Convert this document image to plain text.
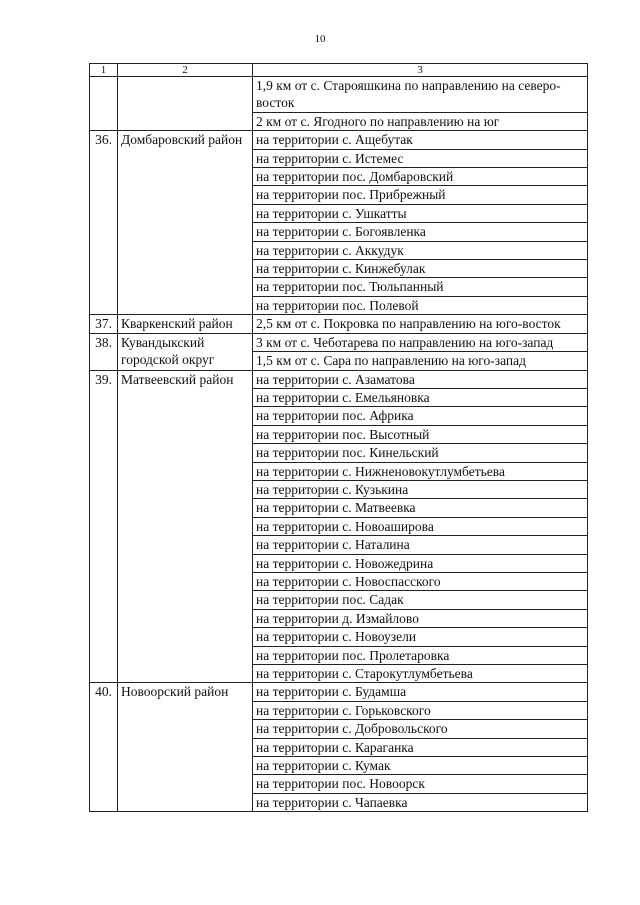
10
1	2	3
		1,9 км от с. Старояшкина по направлению на северо-восток
		2 км от с. Ягодного по направлению на юг
36.	Домбаровский район	на территории с. Ащебутак
		на территории с. Истемес
		на территории пос. Домбаровский
		на территории пос. Прибрежный
		на территории с. Ушкатты
		на территории с. Богоявленка
		на территории с. Аккудук
		на территории с. Кинжебулак
		на территории пос. Тюльпанный
		на территории пос. Полевой
37.	Кваркенский район	2,5 км от с. Покровка по направлению на юго-восток
38.	Кувандыкский городской округ	3 км от с. Чеботарева по направлению на юго-запад
		1,5 км от с. Сара по направлению на юго-запад
39.	Матвеевский район	на территории с. Азаматова
		на территории с. Емельяновка
		на территории пос. Африка
		на территории пос. Высотный
		на территории пос. Кинельский
		на территории с. Нижненовокутлумбетьева
		на территории с. Кузькина
		на территории с. Матвеевка
		на территории с. Новоаширова
		на территории с. Наталина
		на территории с. Новожедрина
		на территории с. Новоспасского
		на территории пос. Садак
		на территории д. Измайлово
		на территории с. Новоузели
		на территории пос. Пролетаровка
		на территории с. Старокутлумбетьева
40.	Новоорский район	на территории с. Будамша
		на территории с. Горьковского
		на территории с. Добровольского
		на территории с. Караганка
		на территории с. Кумак
		на территории пос. Новоорск
		на территории с. Чапаевка
